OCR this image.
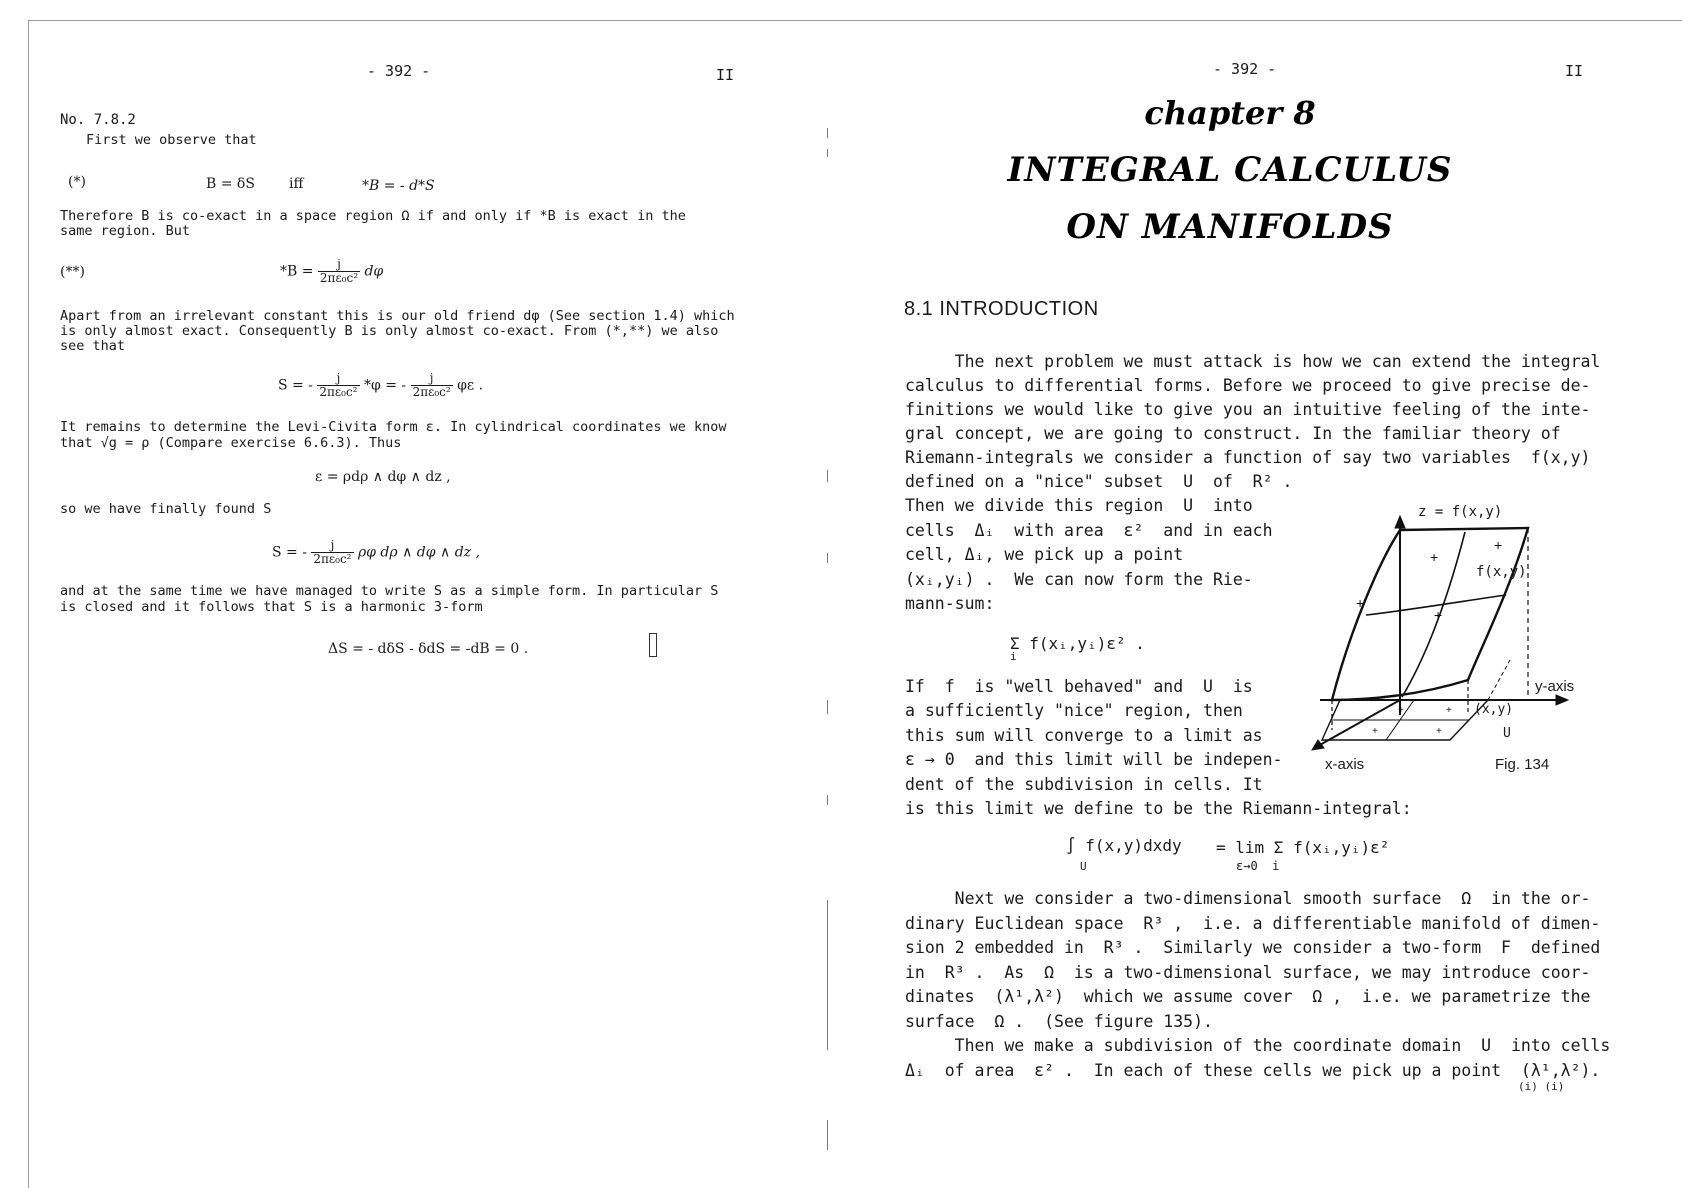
- 392 -	II
No. 7.8.2
First we observe that
(*)	B = δS iff	*B = - d*S
Therefore B is co-exact in a space region Ω if and only if *B is exact in the
same region. But
(**)	$*B = \frac{j}{\text{2πε₀c²}}$ dφ
Apart from an irrelevant constant this is our old friend dφ (See section 1.4) which
is only almost exact. Consequently B is only almost co-exact. From (*,**) we also
see that
S = - $\frac{j}{\text{2πε₀c²}} *\varphi$ = - $\frac{j}{\text{2πε₀c²}}$ φε .
It remains to determine the Levi-Civita form ε. In cylindrical coordinates we know
that √g = ρ (Compare exercise 6.6.3). Thus
ε = ρdρ ∧ dφ ∧ dz ,
so we have finally found S
S = - $\frac{j}{\text{2πε₀c²}}$ ρφ dρ ∧ dφ ∧ dz ,
and at the same time we have managed to write S as a simple form. In particular S
is closed and it follows that S is a harmonic 3-form
ΔS = - dδS - δdS = -dB = 0 .
- 392 -	II
chapter 8
INTEGRAL CALCULUS
ON MANIFOLDS
8.1 INTRODUCTION
The next problem we must attack is how we can extend the integral
calculus to differential forms. Before we proceed to give precise de-
finitions we would like to give you an intuitive feeling of the inte-
gral concept, we are going to construct. In the familiar theory of
Riemann-integrals we consider a function of say two variables  f(x,y)
defined on a "nice" subset  U  of  R² .
Then we divide this region  U  into
cells  Δᵢ  with area  ε²  and in each
cell, Δᵢ, we pick up a point
(xᵢ,yᵢ) .  We can now form the Rie-
mann-sum:
Σ f(xᵢ,yᵢ)ε² .
i
If  f  is "well behaved" and  U  is
a sufficiently "nice" region, then
this sum will converge to a limit as
ε → 0  and this limit will be indepen-
dent of the subdivision in cells. It
is this limit we define to be the Riemann-integral:
∫ f(x,y)dxdy
U
= lim Σ f(xᵢ,yᵢ)ε²
ε→0  i
Next we consider a two-dimensional smooth surface  Ω  in the or-
dinary Euclidean space  R³ ,  i.e. a differentiable manifold of dimen-
sion 2 embedded in  R³ .  Similarly we consider a two-form  F  defined
in  R³ .  As  Ω  is a two-dimensional surface, we may introduce coor-
dinates  (λ¹,λ²)  which we assume cover  Ω ,  i.e. we parametrize the
surface  Ω .  (See figure 135).
Then we make a subdivision of the coordinate domain  U  into cells
Δᵢ  of area  ε² .  In each of these cells we pick up a point  (λ¹,λ²).
(i) (i)
+
+
+
+
+	+
+	+
z = f(x,y)
f(x,y)
y-axis
(x,y)
U
x-axis	Fig. 134
